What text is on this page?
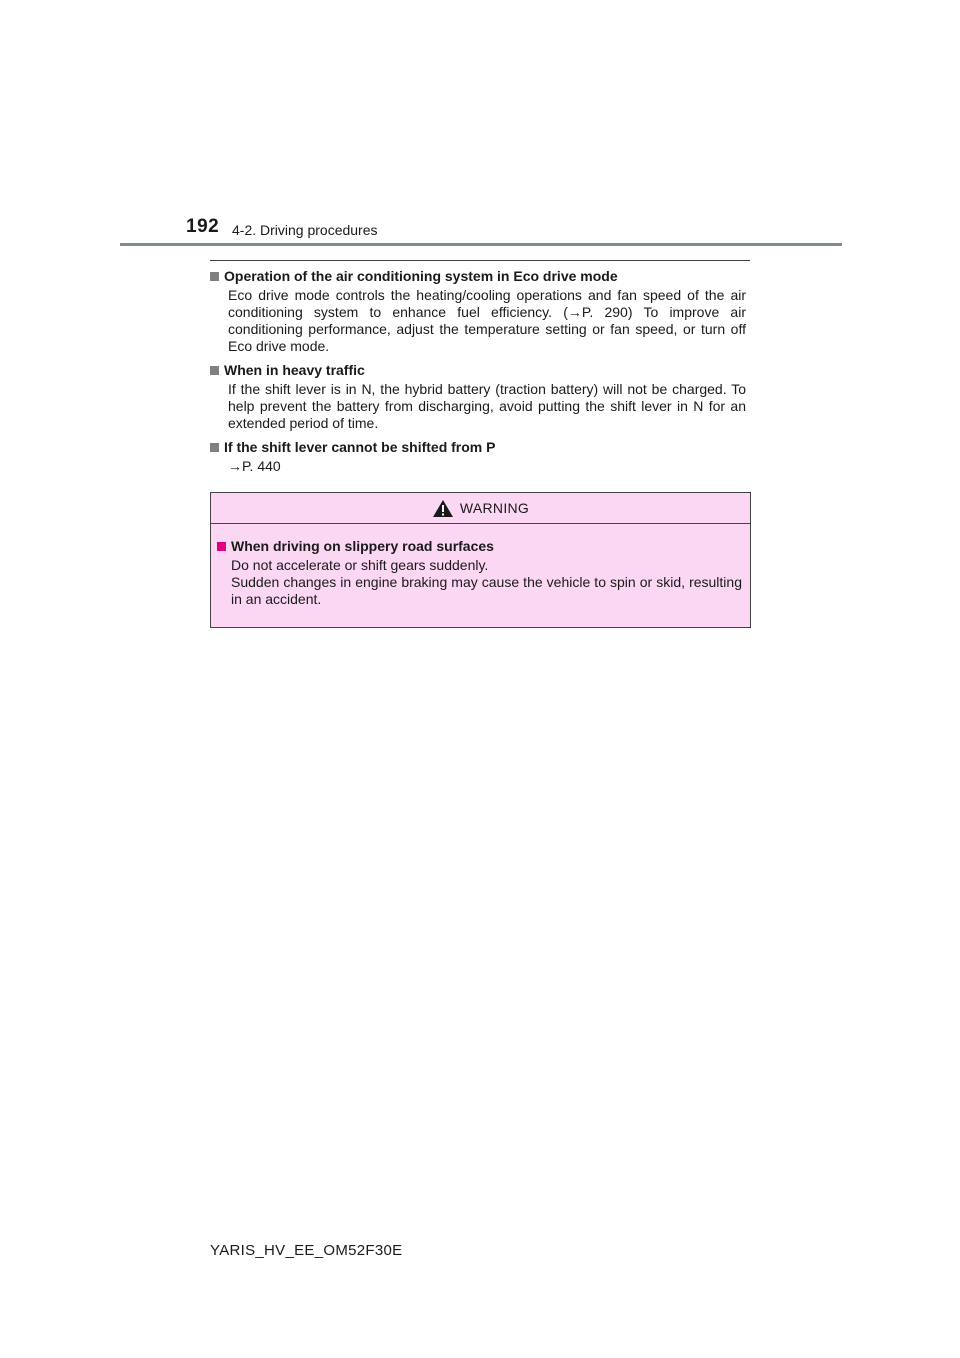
192 4-2. Driving procedures
Operation of the air conditioning system in Eco drive mode
Eco drive mode controls the heating/cooling operations and fan speed of the air conditioning system to enhance fuel efficiency. (→P. 290) To improve air conditioning performance, adjust the temperature setting or fan speed, or turn off Eco drive mode.
When in heavy traffic
If the shift lever is in N, the hybrid battery (traction battery) will not be charged. To help prevent the battery from discharging, avoid putting the shift lever in N for an extended period of time.
If the shift lever cannot be shifted from P
→P. 440
WARNING
When driving on slippery road surfaces
Do not accelerate or shift gears suddenly.
Sudden changes in engine braking may cause the vehicle to spin or skid, resulting in an accident.
YARIS_HV_EE_OM52F30E
